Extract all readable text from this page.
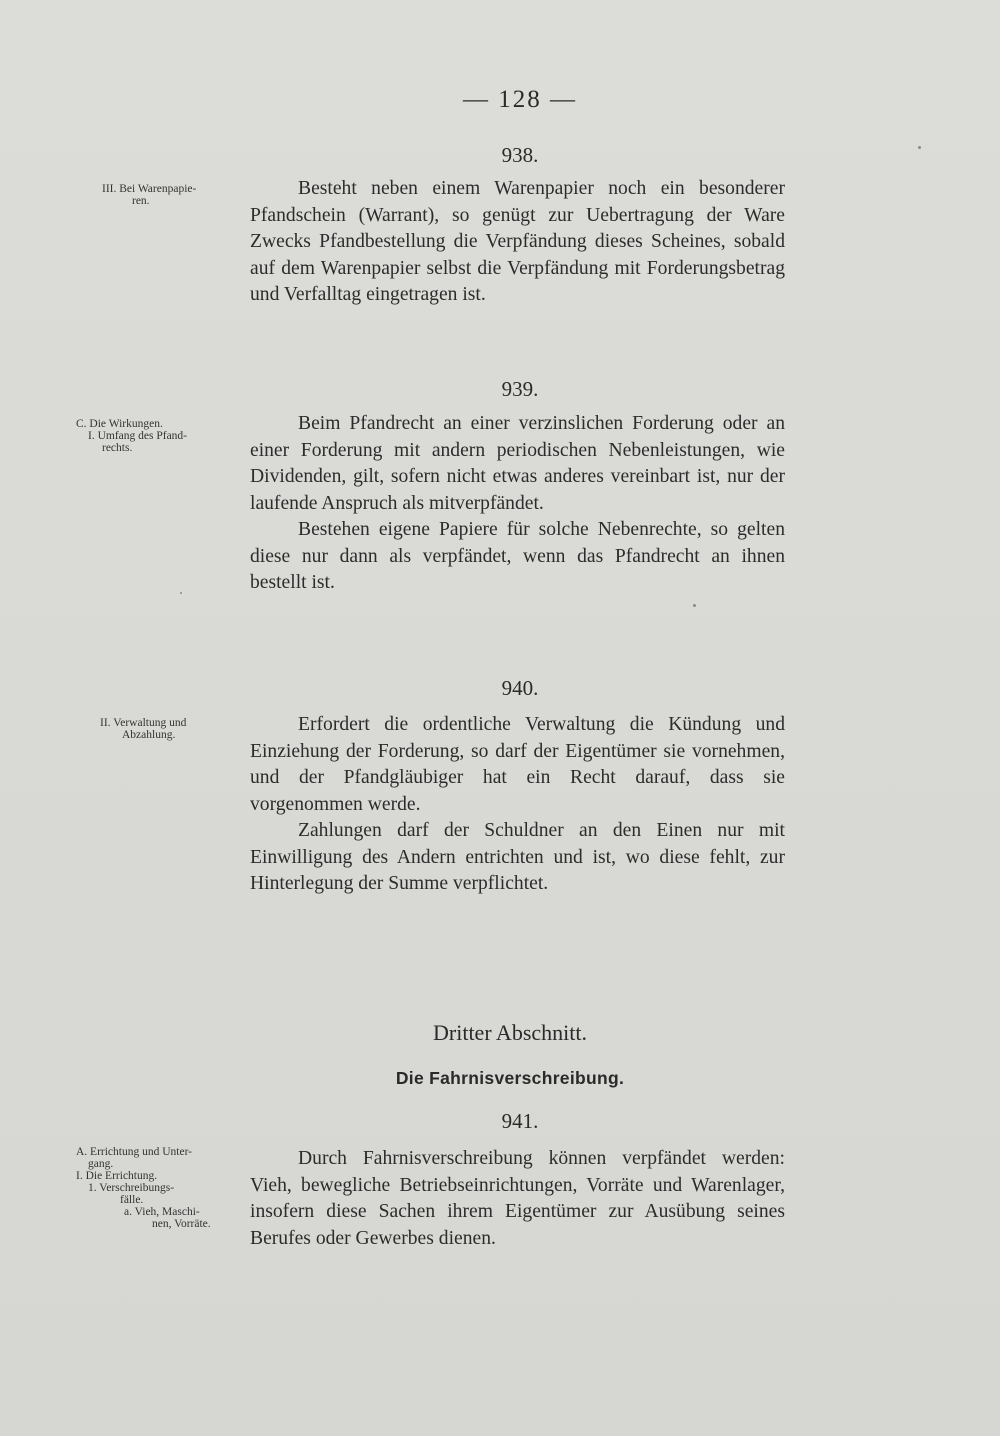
— 128 —
938.
III. Bei Warenpapie-
ren.

Besteht neben einem Warenpapier noch ein besonderer Pfandschein (Warrant), so genügt zur Uebertragung der Ware Zwecks Pfandbestellung die Verpfändung dieses Scheines, sobald auf dem Warenpapier selbst die Verpfändung mit Forderungsbetrag und Verfalltag eingetragen ist.

939.
C. Die Wirkungen.
I. Umfang des Pfand-
rechts.

Beim Pfandrecht an einer verzinslichen Forderung oder an einer Forderung mit andern periodischen Nebenleistungen, wie Dividenden, gilt, sofern nicht etwas anderes vereinbart ist, nur der laufende Anspruch als mitverpfändet.

Bestehen eigene Papiere für solche Nebenrechte, so gelten diese nur dann als verpfändet, wenn das Pfandrecht an ihnen bestellt ist.

940.
II. Verwaltung und
Abzahlung.	Erfordert die ordentliche Verwaltung die Kündung und Einziehung der Forderung, so darf der Eigentümer sie vornehmen, und der Pfandgläubiger hat ein Recht darauf, dass sie vorgenommen werde.

Zahlungen darf der Schuldner an den Einen nur mit Einwilligung des Andern entrichten und ist, wo diese fehlt, zur Hinterlegung der Summe verpflichtet.

Dritter Abschnitt.
Die Fahrnisverschreibung.
941.
A. Errichtung und Unter-
gang.
I. Die Errichtung.
1. Verschreibungs-
fälle.
a. Vieh, Maschi-
nen, Vorräte.

Durch Fahrnisverschreibung können verpfändet werden: Vieh, bewegliche Betriebseinrichtungen, Vorräte und Warenlager, insofern diese Sachen ihrem Eigentümer zur Ausübung seines Berufes oder Gewerbes dienen.
